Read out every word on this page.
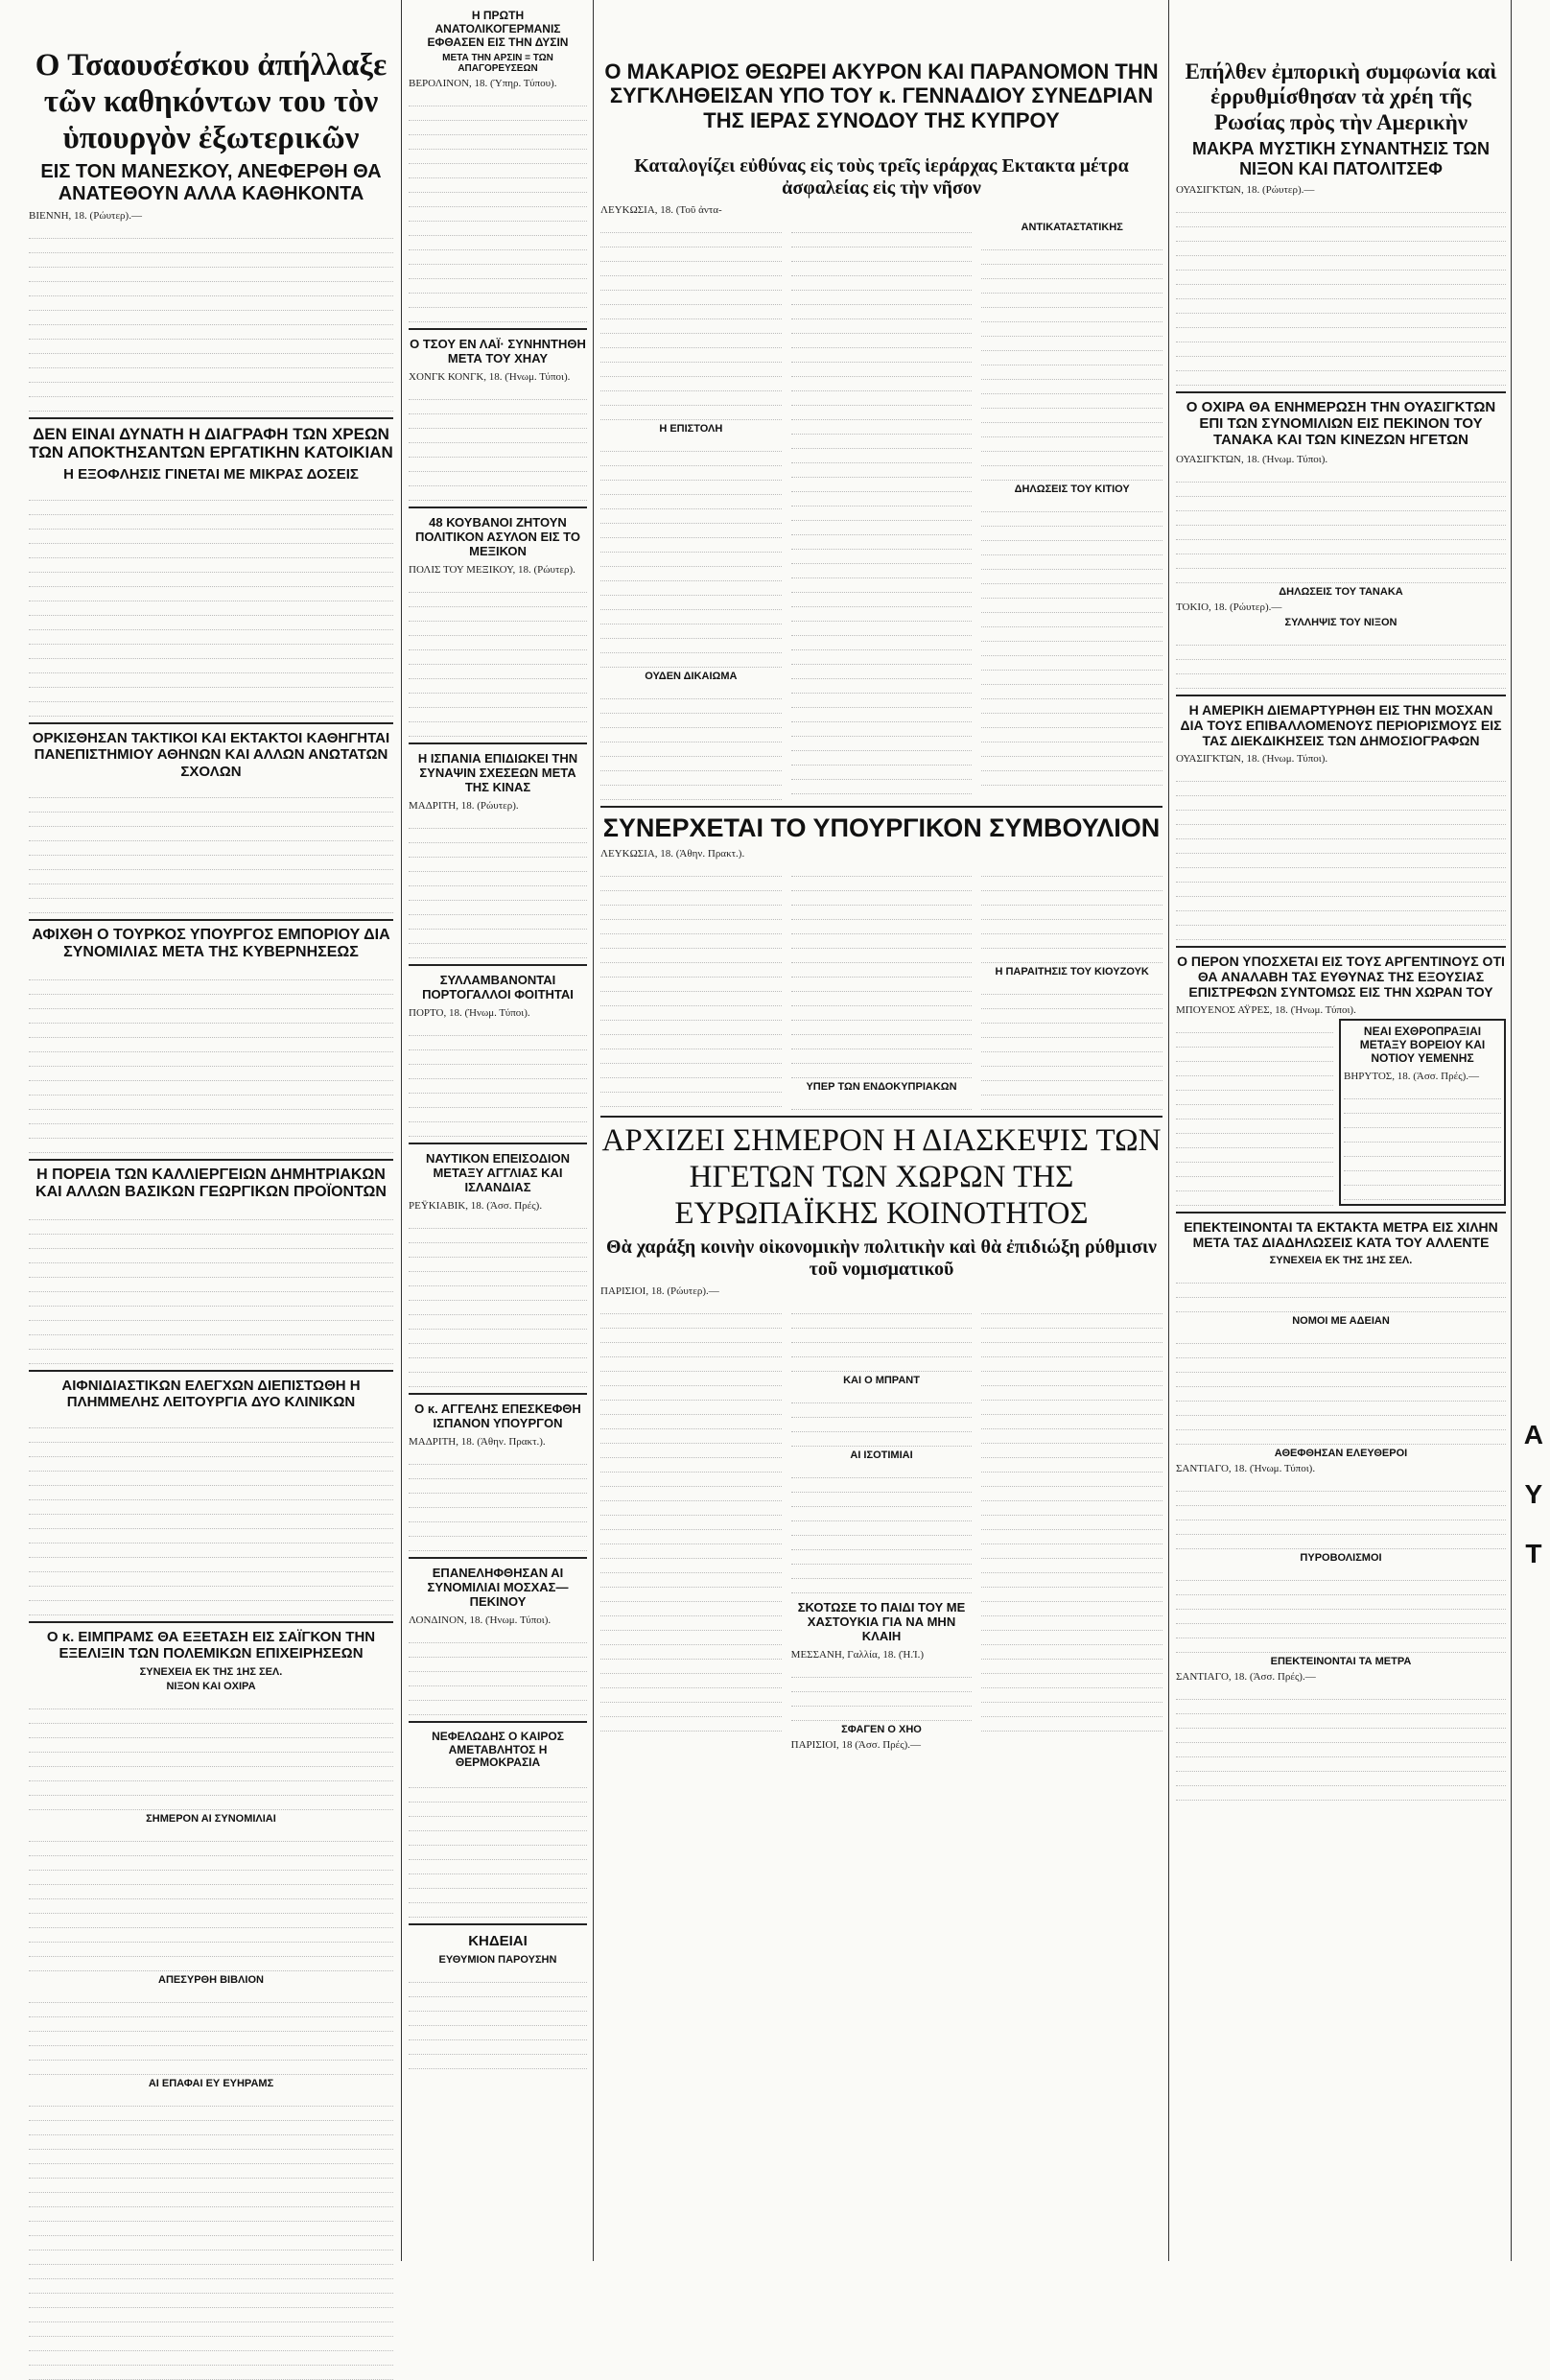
Ο Τσαουσέσκου ἀπήλλαξε τῶν καθηκόντων του τὸν ὑπουργὸν ἐξωτερικῶν
ΕΙΣ ΤΟΝ ΜΑΝΕΣΚΟΥ, ΑΝΕΦΕΡΘΗ ΘΑ ΑΝΑΤΕΘΟΥΝ ΑΛΛΑ ΚΑΘΗΚΟΝΤΑ
ΒΙΕΝΝΗ, 18. (Ρώυτερ).—
ΔΕΝ ΕΙΝΑΙ ΔΥΝΑΤΗ Η ΔΙΑΓΡΑΦΗ ΤΩΝ ΧΡΕΩΝ ΤΩΝ ΑΠΟΚΤΗΣΑΝΤΩΝ ΕΡΓΑΤΙΚΗΝ ΚΑΤΟΙΚΙΑΝ
Η ΕΞΟΦΛΗΣΙΣ ΓΙΝΕΤΑΙ ΜΕ ΜΙΚΡΑΣ ΔΟΣΕΙΣ
ΟΡΚΙΣΘΗΣΑΝ ΤΑΚΤΙΚΟΙ ΚΑΙ ΕΚΤΑΚΤΟΙ ΚΑΘΗΓΗΤΑΙ ΠΑΝΕΠΙΣΤΗΜΙΟΥ ΑΘΗΝΩΝ ΚΑΙ ΑΛΛΩΝ ΑΝΩΤΑΤΩΝ ΣΧΟΛΩΝ
ΑΦΙΧΘΗ Ο ΤΟΥΡΚΟΣ ΥΠΟΥΡΓΟΣ ΕΜΠΟΡΙΟΥ ΔΙΑ ΣΥΝΟΜΙΛΙΑΣ ΜΕΤΑ ΤΗΣ ΚΥΒΕΡΝΗΣΕΩΣ
Η ΠΟΡΕΙΑ ΤΩΝ ΚΑΛΛΙΕΡΓΕΙΩΝ ΔΗΜΗΤΡΙΑΚΩΝ ΚΑΙ ΑΛΛΩΝ ΒΑΣΙΚΩΝ ΓΕΩΡΓΙΚΩΝ ΠΡΟΪΟΝΤΩΝ
ΑΙΦΝΙΔΙΑΣΤΙΚΩΝ ΕΛΕΓΧΩΝ ΔΙΕΠΙΣΤΩΘΗ Η ΠΛΗΜΜΕΛΗΣ ΛΕΙΤΟΥΡΓΙΑ ΔΥΟ ΚΛΙΝΙΚΩΝ
Ο κ. ΕΙΜΠΡΑΜΣ ΘΑ ΕΞΕΤΑΣΗ ΕΙΣ ΣΑΪΓΚΟΝ ΤΗΝ ΕΞΕΛΙΞΙΝ ΤΩΝ ΠΟΛΕΜΙΚΩΝ ΕΠΙΧΕΙΡΗΣΕΩΝ
ΣΥΝΕΧΕΙΑ ΕΚ ΤΗΣ 1ΗΣ ΣΕΛ.
ΝΙΞΟΝ ΚΑΙ ΟΧΙΡΑ
ΣΗΜΕΡΟΝ ΑΙ ΣΥΝΟΜΙΛΙΑΙ
ΑΠΕΣΥΡΘΗ ΒΙΒΛΙΟΝ
ΑΙ ΕΠΑΦΑΙ ΕΥ ΕΥΗΡΑΜΣ
Η ΠΡΩΤΗ ΑΝΑΤΟΛΙΚΟΓΕΡΜΑΝΙΣ ΕΦΘΑΣΕΝ ΕΙΣ ΤΗΝ ΔΥΣΙΝ
ΜΕΤΑ ΤΗΝ ΑΡΣΙΝ = ΤΩΝ ΑΠΑΓΟΡΕΥΣΕΩΝ
ΒΕΡΟΛΙΝΟΝ, 18. (Ύπηρ. Τύπου).
Ο ΤΣΟΥ ΕΝ ΛΑΪ· ΣΥΝΗΝΤΗΘΗ ΜΕΤΑ ΤΟΥ ΧΗΑΥ
ΧΟΝΓΚ ΚΟΝΓΚ, 18. (Ήνωμ. Τύποι).
48 ΚΟΥΒΑΝΟΙ ΖΗΤΟΥΝ ΠΟΛΙΤΙΚΟΝ ΑΣΥΛΟΝ ΕΙΣ ΤΟ ΜΕΞΙΚΟΝ
ΠΟΛΙΣ ΤΟΥ ΜΕΞΙΚΟΥ, 18. (Ρώυτερ).
Η ΙΣΠΑΝΙΑ ΕΠΙΔΙΩΚΕΙ ΤΗΝ ΣΥΝΑΨΙΝ ΣΧΕΣΕΩΝ ΜΕΤΑ ΤΗΣ ΚΙΝΑΣ
ΜΑΔΡΙΤΗ, 18. (Ρώυτερ).
ΣΥΛΛΑΜΒΑΝΟΝΤΑΙ ΠΟΡΤΟΓΑΛΛΟΙ ΦΟΙΤΗΤΑΙ
ΠΟΡΤΟ, 18. (Ήνωμ. Τύποι).
ΝΑΥΤΙΚΟΝ ΕΠΕΙΣΟΔΙΟΝ ΜΕΤΑΞΥ ΑΓΓΛΙΑΣ ΚΑΙ ΙΣΛΑΝΔΙΑΣ
ΡΕΫΚΙΑΒΙΚ, 18. (Άσσ. Πρές).
Ο κ. ΑΓΓΕΛΗΣ ΕΠΕΣΚΕΦΘΗ ΙΣΠΑΝΟΝ ΥΠΟΥΡΓΟΝ
ΜΑΔΡΙΤΗ, 18. (Άθην. Πρακτ.).
ΕΠΑΝΕΛΗΦΘΗΣΑΝ ΑΙ ΣΥΝΟΜΙΛΙΑΙ ΜΟΣΧΑΣ—ΠΕΚΙΝΟΥ
ΛΟΝΔΙΝΟΝ, 18. (Ήνωμ. Τύποι).
ΝΕΦΕΛΩΔΗΣ Ο ΚΑΙΡΟΣ ΑΜΕΤΑΒΛΗΤΟΣ Η ΘΕΡΜΟΚΡΑΣΙΑ
ΚΗΔΕΙΑΙ
ΕΥΘΥΜΙΟΝ ΠΑΡΟΥΣΗΝ
Ο ΜΑΚΑΡΙΟΣ ΘΕΩΡΕΙ ΑΚΥΡΟΝ ΚΑΙ ΠΑΡΑΝΟΜΟΝ ΤΗΝ ΣΥΓΚΛΗΘΕΙΣΑΝ ΥΠΟ ΤΟΥ κ. ΓΕΝΝΑΔΙΟΥ ΣΥΝΕΔΡΙΑΝ ΤΗΣ ΙΕΡΑΣ ΣΥΝΟΔΟΥ ΤΗΣ ΚΥΠΡΟΥ
Καταλογίζει εὐθύνας εἰς τοὺς τρεῖς ἱεράρχας Εκτακτα μέτρα ἀσφαλείας εἰς τὴν νῆσον
ΛΕΥΚΩΣΙΑ, 18. (Τοῦ ἀντα-
Η ΕΠΙΣΤΟΛΗ
ΟΥΔΕΝ ΔΙΚΑΙΩΜΑ
ΑΝΤΙΚΑΤΑΣΤΑΤΙΚΗΣ
ΔΗΛΩΣΕΙΣ ΤΟΥ ΚΙΤΙΟΥ
ΣΥΝΕΡΧΕΤΑΙ ΤΟ ΥΠΟΥΡΓΙΚΟΝ ΣΥΜΒΟΥΛΙΟΝ
ΛΕΥΚΩΣΙΑ, 18. (Άθην. Πρακτ.).
ΥΠΕΡ ΤΩΝ ΕΝΔΟΚΥΠΡΙΑΚΩΝ
Η ΠΑΡΑΙΤΗΣΙΣ ΤΟΥ ΚΙΟΥΖΟΥΚ
ΑΡΧΙΖΕΙ ΣΗΜΕΡΟΝ Η ΔΙΑΣΚΕΨΙΣ ΤΩΝ ΗΓΕΤΩΝ ΤΩΝ ΧΩΡΩΝ ΤΗΣ ΕΥΡΩΠΑΪΚΗΣ ΚΟΙΝΟΤΗΤΟΣ
Θὰ χαράξη κοινὴν οἰκονομικὴν πολιτικὴν καὶ θὰ ἐπιδιώξη ρύθμισιν τοῦ νομισματικοῦ
ΠΑΡΙΣΙΟΙ, 18. (Ρώυτερ).—
ΚΑΙ Ο ΜΠΡΑΝΤ
ΑΙ ΙΣΟΤΙΜΙΑΙ
ΣΚΟΤΩΣΕ ΤΟ ΠΑΙΔΙ ΤΟΥ ΜΕ ΧΑΣΤΟΥΚΙΑ ΓΙΑ ΝΑ ΜΗΝ ΚΛΑΙΗ
ΜΕΣΣΑΝΗ, Γαλλία, 18. (Ή.Ί.)
ΣΦΑΓΕΝ Ο ΧΗΟ
ΠΑΡΙΣΙΟΙ, 18 (Άσσ. Πρές).—
Επήλθεν ἐμπορικὴ συμφωνία καὶ ἐρρυθμίσθησαν τὰ χρέη τῆς Ρωσίας πρὸς τὴν Αμερικὴν
ΜΑΚΡΑ ΜΥΣΤΙΚΗ ΣΥΝΑΝΤΗΣΙΣ ΤΩΝ ΝΙΞΟΝ ΚΑΙ ΠΑΤΟΛΙΤΣΕΦ
ΟΥΑΣΙΓΚΤΩΝ, 18. (Ρώυτερ).—
Ο ΟΧΙΡΑ ΘΑ ΕΝΗΜΕΡΩΣΗ ΤΗΝ ΟΥΑΣΙΓΚΤΩΝ ΕΠΙ ΤΩΝ ΣΥΝΟΜΙΛΙΩΝ ΕΙΣ ΠΕΚΙΝΟΝ ΤΟΥ ΤΑΝΑΚΑ ΚΑΙ ΤΩΝ ΚΙΝΕΖΩΝ ΗΓΕΤΩΝ
ΟΥΑΣΙΓΚΤΩΝ, 18. (Ήνωμ. Τύποι).
ΔΗΛΩΣΕΙΣ ΤΟΥ ΤΑΝΑΚΑ
ΤΟΚΙΟ, 18. (Ρώυτερ).—
ΣΥΛΛΗΨΙΣ ΤΟΥ ΝΙΞΟΝ
Η ΑΜΕΡΙΚΗ ΔΙΕΜΑΡΤΥΡΗΘΗ ΕΙΣ ΤΗΝ ΜΟΣΧΑΝ ΔΙΑ ΤΟΥΣ ΕΠΙΒΑΛΛΟΜΕΝΟΥΣ ΠΕΡΙΟΡΙΣΜΟΥΣ ΕΙΣ ΤΑΣ ΔΙΕΚΔΙΚΗΣΕΙΣ ΤΩΝ ΔΗΜΟΣΙΟΓΡΑΦΩΝ
ΟΥΑΣΙΓΚΤΩΝ, 18. (Ήνωμ. Τύποι).
Ο ΠΕΡΟΝ ΥΠΟΣΧΕΤΑΙ ΕΙΣ ΤΟΥΣ ΑΡΓΕΝΤΙΝΟΥΣ ΟΤΙ ΘΑ ΑΝΑΛΑΒΗ ΤΑΣ ΕΥΘΥΝΑΣ ΤΗΣ ΕΞΟΥΣΙΑΣ ΕΠΙΣΤΡΕΦΩΝ ΣΥΝΤΟΜΩΣ ΕΙΣ ΤΗΝ ΧΩΡΑΝ ΤΟΥ
ΜΠΟΥΕΝΟΣ ΑΫΡΕΣ, 18. (Ήνωμ. Τύποι).
ΝΕΑΙ ΕΧΘΡΟΠΡΑΞΙΑΙ ΜΕΤΑΞΥ ΒΟΡΕΙΟΥ ΚΑΙ ΝΟΤΙΟΥ ΥΕΜΕΝΗΣ
ΒΗΡΥΤΟΣ, 18. (Άσσ. Πρές).—
ΕΠΕΚΤΕΙΝΟΝΤΑΙ ΤΑ ΕΚΤΑΚΤΑ ΜΕΤΡΑ ΕΙΣ ΧΙΛΗΝ ΜΕΤΑ ΤΑΣ ΔΙΑΔΗΛΩΣΕΙΣ ΚΑΤΑ ΤΟΥ ΑΛΛΕΝΤΕ
ΣΥΝΕΧΕΙΑ ΕΚ ΤΗΣ 1ΗΣ ΣΕΛ.
ΝΟΜΟΙ ΜΕ ΑΔΕΙΑΝ
ΑΘΕΦΘΗΣΑΝ ΕΛΕΥΘΕΡΟΙ
ΣΑΝΤΙΑΓΟ, 18. (Ήνωμ. Τύποι).
ΠΥΡΟΒΟΛΙΣΜΟΙ
ΕΠΕΚΤΕΙΝΟΝΤΑΙ ΤΑ ΜΕΤΡΑ
ΣΑΝΤΙΑΓΟ, 18. (Άσσ. Πρές).—
Α Υ Τ
